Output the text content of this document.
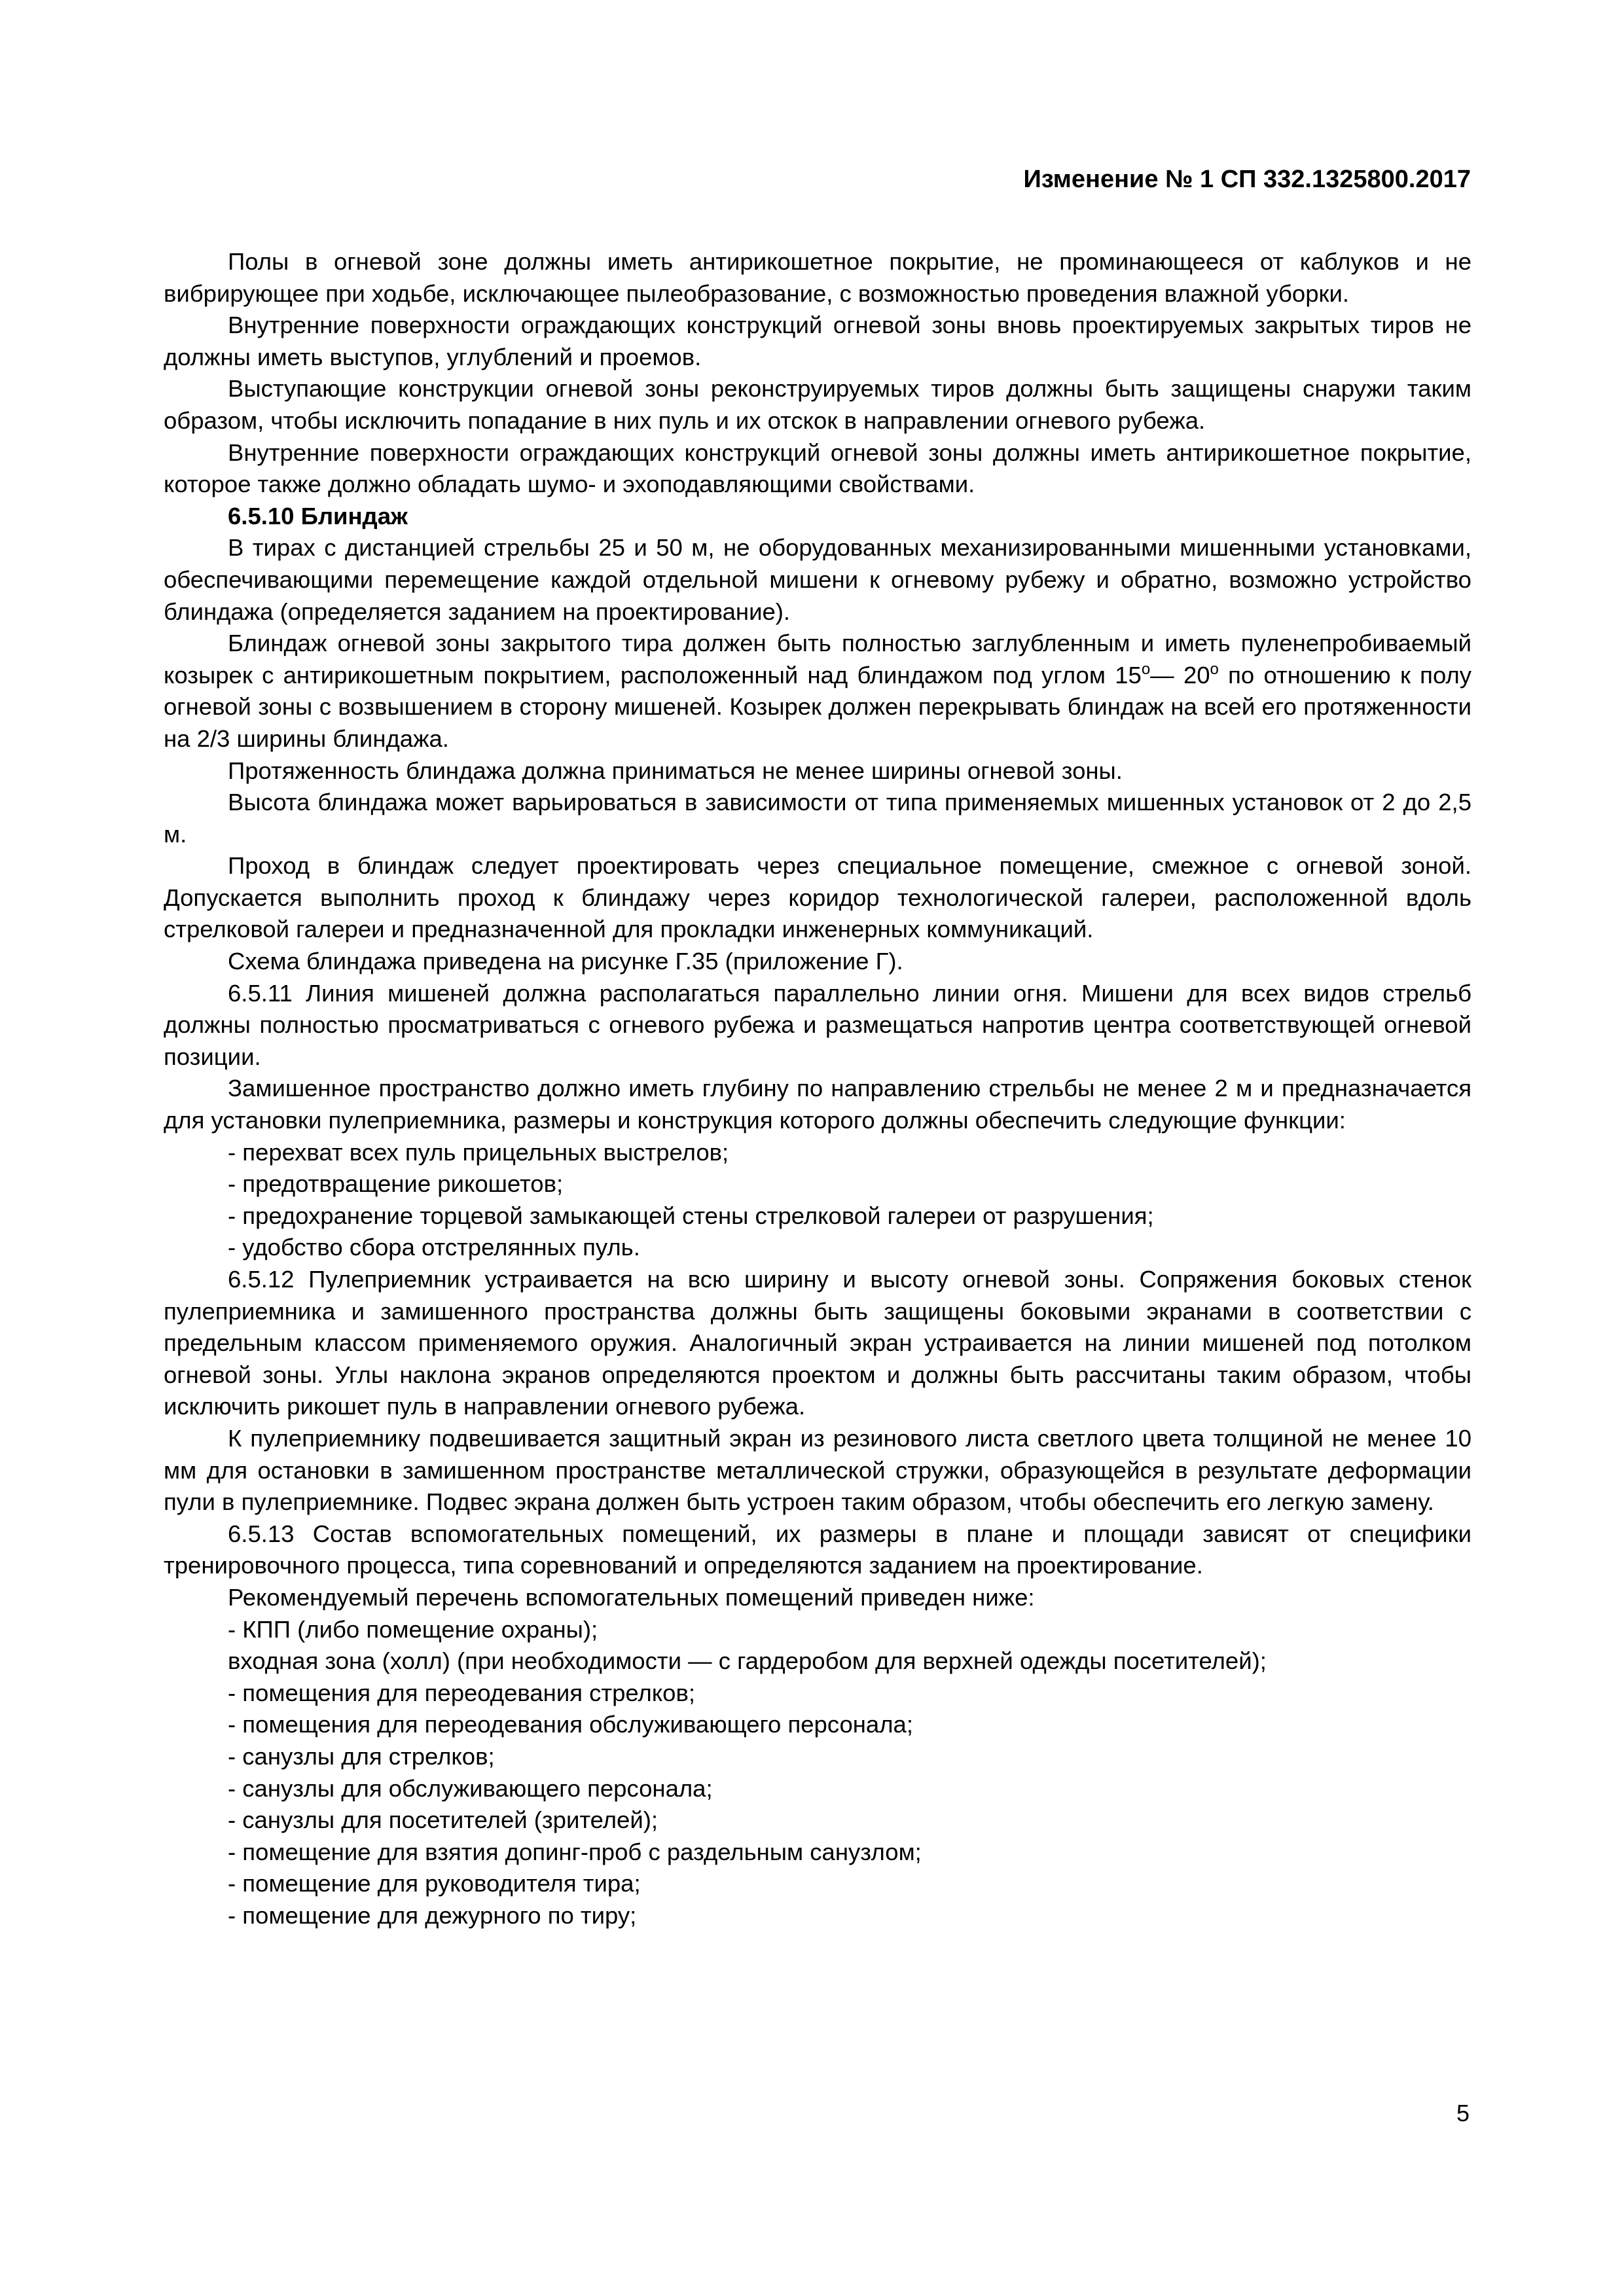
Изменение № 1 СП 332.1325800.2017

Полы в огневой зоне должны иметь антирикошетное покрытие, не проминающееся от каблуков и не вибрирующее при ходьбе, исключающее пылеобразование, с возможностью проведения влажной уборки.

Внутренние поверхности ограждающих конструкций огневой зоны вновь проектируемых закрытых тиров не должны иметь выступов, углублений и проемов.

Выступающие конструкции огневой зоны реконструируемых тиров должны быть защищены снаружи таким образом, чтобы исключить попадание в них пуль и их отскок в направлении огневого рубежа.

Внутренние поверхности ограждающих конструкций огневой зоны должны иметь антирикошетное покрытие, которое также должно обладать шумо- и эхоподавляющими свойствами.

6.5.10 Блиндаж

В тирах с дистанцией стрельбы 25 и 50 м, не оборудованных механизированными мишенными установками, обеспечивающими перемещение каждой отдельной мишени к огневому рубежу и обратно, возможно устройство блиндажа (определяется заданием на проектирование).

Блиндаж огневой зоны закрытого тира должен быть полностью заглубленным и иметь пуленепробиваемый козырек с антирикошетным покрытием, расположенный над блиндажом под углом $15^о—$ $20^о$ по отношению к полу огневой зоны с возвышением в сторону мишеней. Козырек должен перекрывать блиндаж на всей его протяженности на 2/3 ширины блиндажа.

Протяженность блиндажа должна приниматься не менее ширины огневой зоны.

Высота блиндажа может варьироваться в зависимости от типа применяемых мишенных установок от 2 до 2,5 м.

Проход в блиндаж следует проектировать через специальное помещение, смежное с огневой зоной. Допускается выполнить проход к блиндажу через коридор технологической галереи, расположенной вдоль стрелковой галереи и предназначенной для прокладки инженерных коммуникаций.

Схема блиндажа приведена на рисунке Г.35 (приложение Г).

6.5.11 Линия мишеней должна располагаться параллельно линии огня. Мишени для всех видов стрельб должны полностью просматриваться с огневого рубежа и размещаться напротив центра соответствующей огневой позиции.

Замишенное пространство должно иметь глубину по направлению стрельбы не менее 2 м и предназначается для установки пулеприемника, размеры и конструкция которого должны обеспечить следующие функции:

- перехват всех пуль прицельных выстрелов;

- предотвращение рикошетов;

- предохранение торцевой замыкающей стены стрелковой галереи от разрушения;

- удобство сбора отстрелянных пуль.

6.5.12 Пулеприемник устраивается на всю ширину и высоту огневой зоны. Сопряжения боковых стенок пулеприемника и замишенного пространства должны быть защищены боковыми экранами в соответствии с предельным классом применяемого оружия. Аналогичный экран устраивается на линии мишеней под потолком огневой зоны. Углы наклона экранов определяются проектом и должны быть рассчитаны таким образом, чтобы исключить рикошет пуль в направлении огневого рубежа.

К пулеприемнику подвешивается защитный экран из резинового листа светлого цвета толщиной не менее 10 мм для остановки в замишенном пространстве металлической стружки, образующейся в результате деформации пули в пулеприемнике. Подвес экрана должен быть устроен таким образом, чтобы обеспечить его легкую замену.

6.5.13 Состав вспомогательных помещений, их размеры в плане и площади зависят от специфики тренировочного процесса, типа соревнований и определяются заданием на проектирование.

Рекомендуемый перечень вспомогательных помещений приведен ниже:

- КПП (либо помещение охраны);

входная зона (холл) (при необходимости — с гардеробом для верхней одежды посетителей);

- помещения для переодевания стрелков;

- помещения для переодевания обслуживающего персонала;

- санузлы для стрелков;

- санузлы для обслуживающего персонала;

- санузлы для посетителей (зрителей);

- помещение для взятия допинг-проб с раздельным санузлом;

- помещение для руководителя тира;

- помещение для дежурного по тиру;

5
